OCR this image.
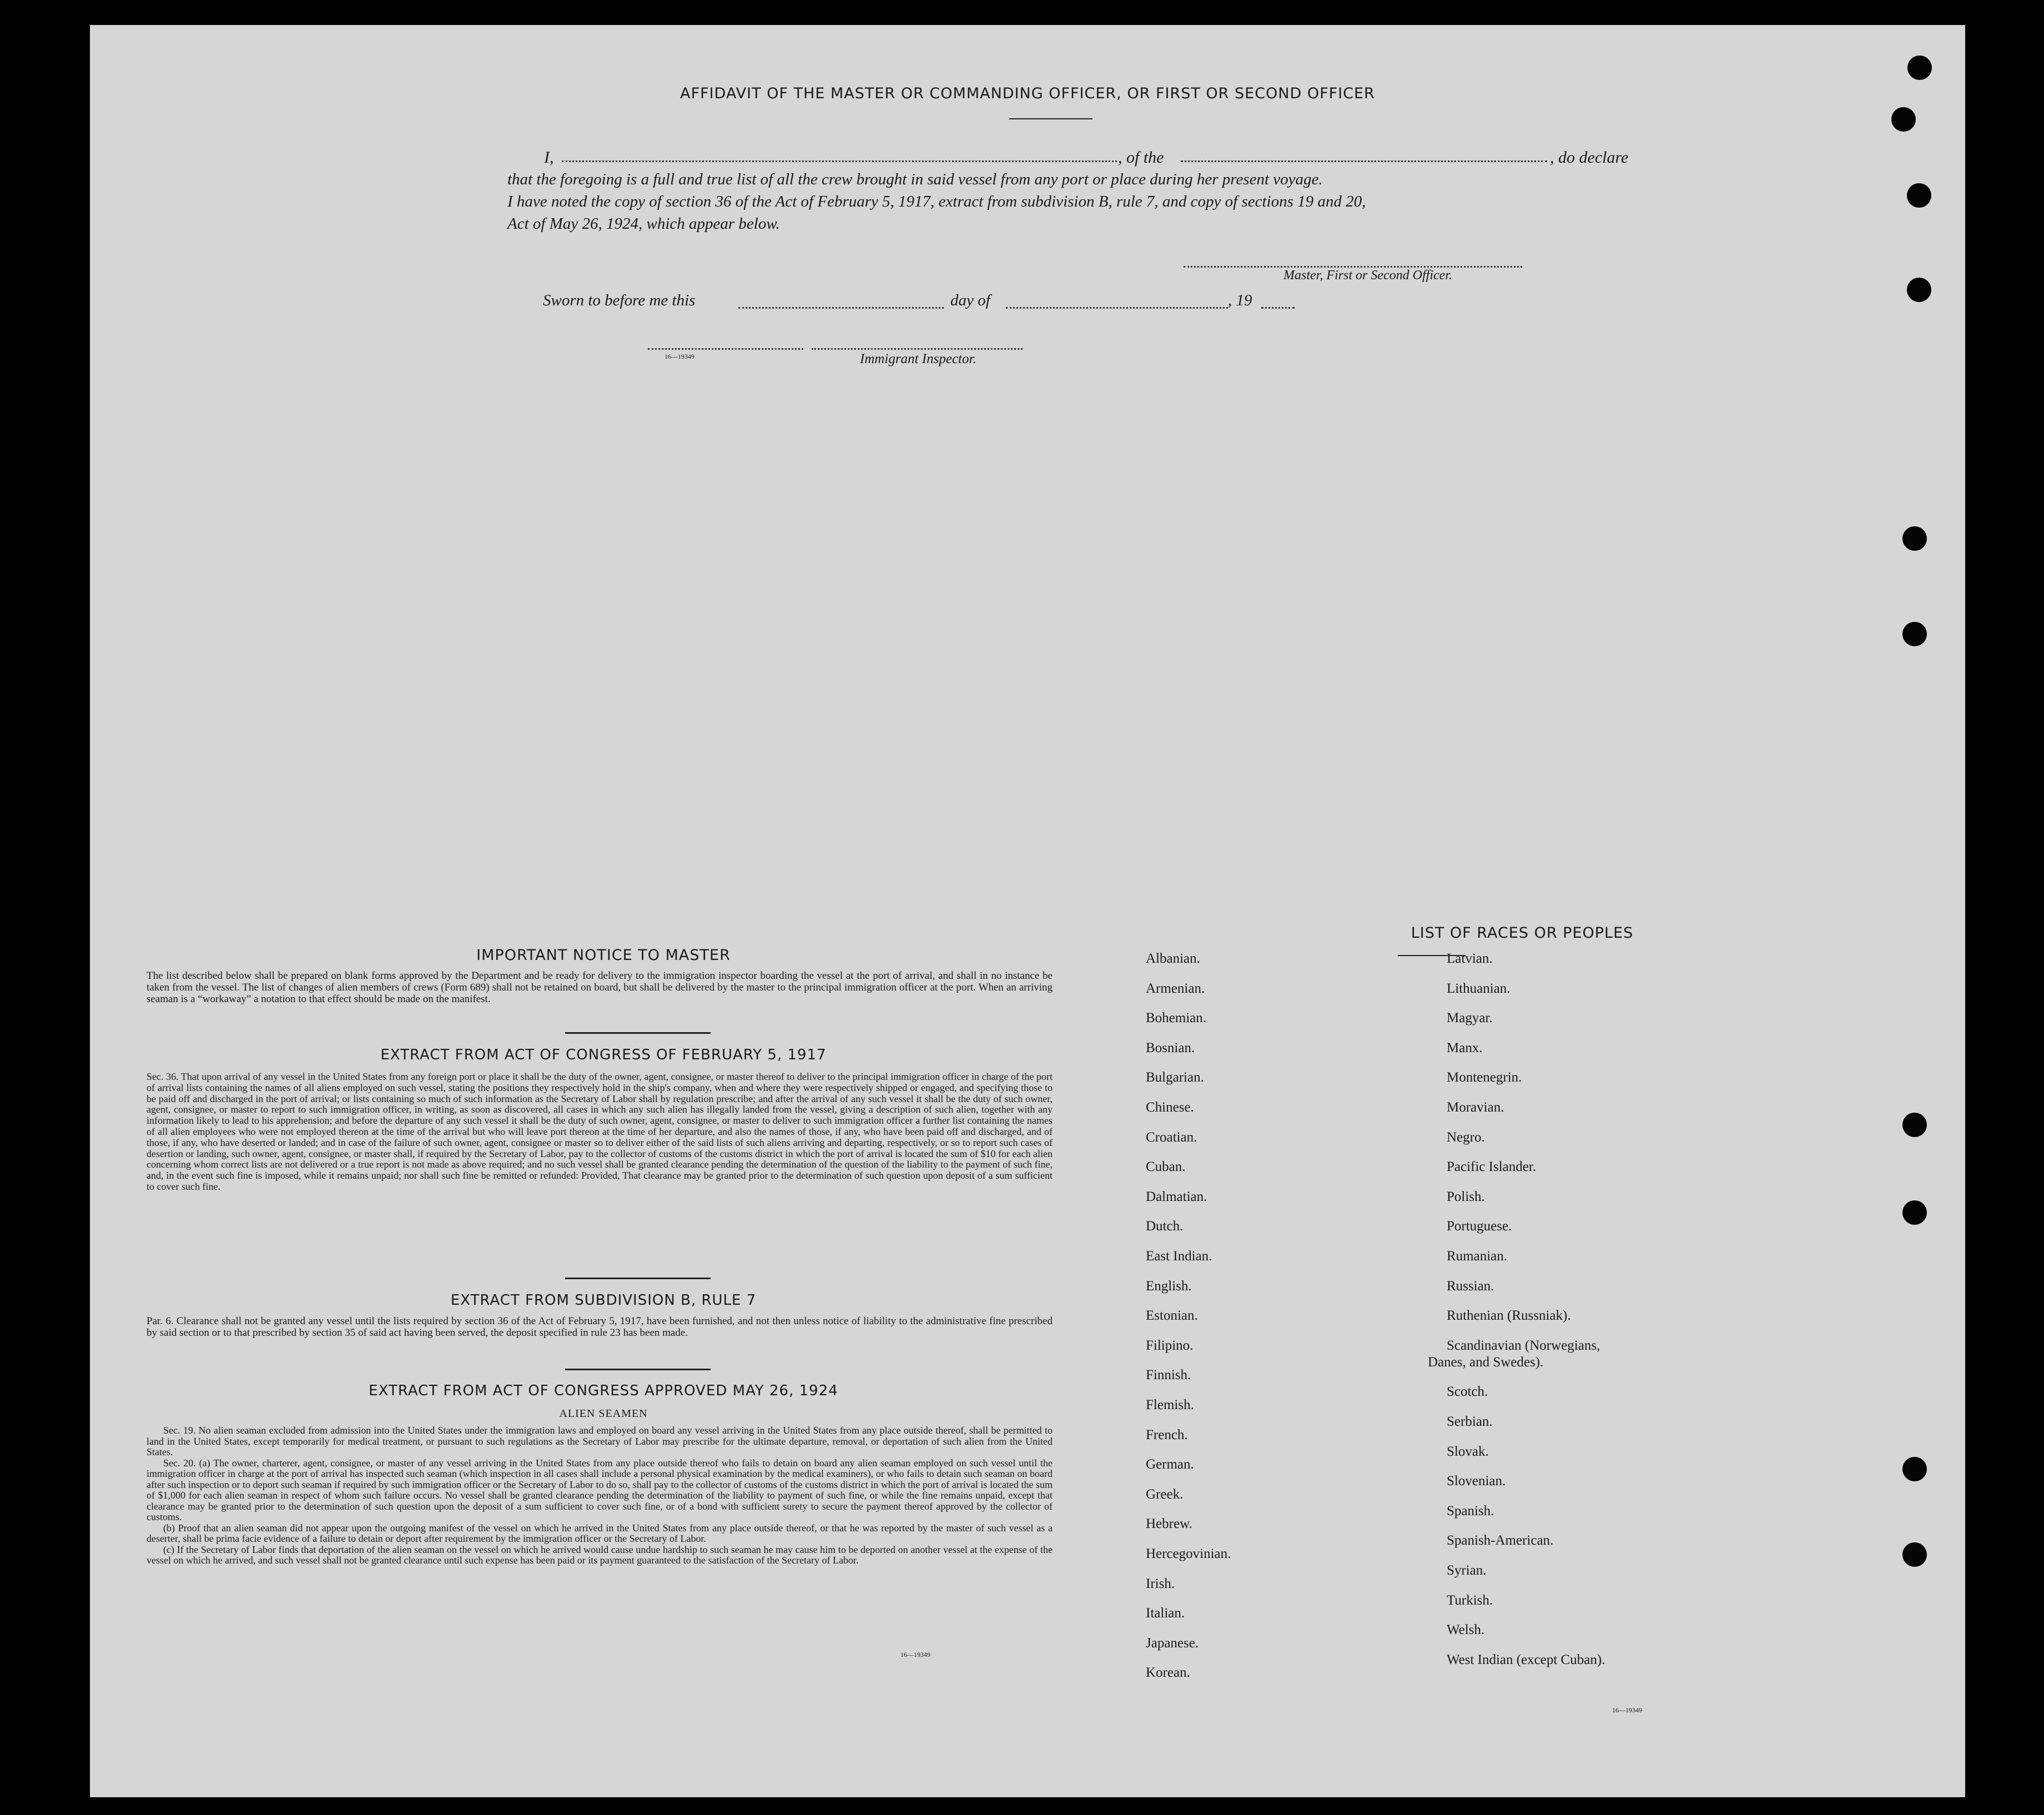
AFFIDAVIT OF THE MASTER OR COMMANDING OFFICER, OR FIRST OR SECOND OFFICER
I,	, of the	, do declare
that the foregoing is a full and true list of all the crew brought in said vessel from any port or place during her present voyage.
I have noted the copy of section 36 of the Act of February 5, 1917, extract from subdivision B, rule 7, and copy of sections 19 and 20,
Act of May 26, 1924, which appear below.
Master, First or Second Officer.
Sworn to before me this	day of	, 19
16—19349	Immigrant Inspector.
IMPORTANT NOTICE TO MASTER
The list described below shall be prepared on blank forms approved by the Department and be ready for delivery to the immigration inspector boarding the vessel at the port of arrival, and shall in no instance be taken from the vessel. The list of changes of alien members of crews (Form 689) shall not be retained on board, but shall be delivered by the master to the principal immigration officer at the port. When an arriving seaman is a “workaway” a notation to that effect should be made on the manifest.
EXTRACT FROM ACT OF CONGRESS OF FEBRUARY 5, 1917
Sec. 36. That upon arrival of any vessel in the United States from any foreign port or place it shall be the duty of the owner, agent, consignee, or master thereof to deliver to the principal immigration officer in charge of the port of arrival lists containing the names of all aliens employed on such vessel, stating the positions they respectively hold in the ship's company, when and where they were respectively shipped or engaged, and specifying those to be paid off and discharged in the port of arrival; or lists containing so much of such information as the Secretary of Labor shall by regulation prescribe; and after the arrival of any such vessel it shall be the duty of such owner, agent, consignee, or master to report to such immigration officer, in writing, as soon as discovered, all cases in which any such alien has illegally landed from the vessel, giving a description of such alien, together with any information likely to lead to his apprehension; and before the departure of any such vessel it shall be the duty of such owner, agent, consignee, or master to deliver to such immigration officer a further list containing the names of all alien employees who were not employed thereon at the time of the arrival but who will leave port thereon at the time of her departure, and also the names of those, if any, who have been paid off and discharged, and of those, if any, who have deserted or landed; and in case of the failure of such owner, agent, consignee or master so to deliver either of the said lists of such aliens arriving and departing, respectively, or so to report such cases of desertion or landing, such owner, agent, consignee, or master shall, if required by the Secretary of Labor, pay to the collector of customs of the customs district in which the port of arrival is located the sum of $10 for each alien concerning whom correct lists are not delivered or a true report is not made as above required; and no such vessel shall be granted clearance pending the determination of the question of the liability to the payment of such fine, and, in the event such fine is imposed, while it remains unpaid; nor shall such fine be remitted or refunded: Provided, That clearance may be granted prior to the determination of such question upon deposit of a sum sufficient to cover such fine.
EXTRACT FROM SUBDIVISION B, RULE 7
Par. 6. Clearance shall not be granted any vessel until the lists required by section 36 of the Act of February 5, 1917, have been furnished, and not then unless notice of liability to the administrative fine prescribed by said section or to that prescribed by section 35 of said act having been served, the deposit specified in rule 23 has been made.
EXTRACT FROM ACT OF CONGRESS APPROVED MAY 26, 1924
ALIEN SEAMEN
Sec. 19. No alien seaman excluded from admission into the United States under the immigration laws and employed on board any vessel arriving in the United States from any place outside thereof, shall be permitted to land in the United States, except temporarily for medical treatment, or pursuant to such regulations as the Secretary of Labor may prescribe for the ultimate departure, removal, or deportation of such alien from the United States.
Sec. 20. (a) The owner, charterer, agent, consignee, or master of any vessel arriving in the United States from any place outside thereof who fails to detain on board any alien seaman employed on such vessel until the immigration officer in charge at the port of arrival has inspected such seaman (which inspection in all cases shall include a personal physical examination by the medical examiners), or who fails to detain such seaman on board after such inspection or to deport such seaman if required by such immigration officer or the Secretary of Labor to do so, shall pay to the collector of customs of the customs district in which the port of arrival is located the sum of $1,000 for each alien seaman in respect of whom such failure occurs. No vessel shall be granted clearance pending the determination of the liability to payment of such fine, or while the fine remains unpaid, except that clearance may be granted prior to the determination of such question upon the deposit of a sum sufficient to cover such fine, or of a bond with sufficient surety to secure the payment thereof approved by the collector of customs.
(b) Proof that an alien seaman did not appear upon the outgoing manifest of the vessel on which he arrived in the United States from any place outside thereof, or that he was reported by the master of such vessel as a deserter, shall be prima facie evidence of a failure to detain or deport after requirement by the immigration officer or the Secretary of Labor.
(c) If the Secretary of Labor finds that deportation of the alien seaman on the vessel on which he arrived would cause undue hardship to such seaman he may cause him to be deported on another vessel at the expense of the vessel on which he arrived, and such vessel shall not be granted clearance until such expense has been paid or its payment guaranteed to the satisfaction of the Secretary of Labor.
16—19349
LIST OF RACES OR PEOPLES
16—19349
Albanian.
Armenian.
Bohemian.
Bosnian.
Bulgarian.
Chinese.
Croatian.
Cuban.
Dalmatian.
Dutch.
East Indian.
English.
Estonian.
Filipino.
Finnish.
Flemish.
French.
German.
Greek.
Hebrew.
Hercegovinian.
Irish.
Italian.
Japanese.
Korean.
Latvian.
Lithuanian.
Magyar.
Manx.
Montenegrin.
Moravian.
Negro.
Pacific Islander.
Polish.
Portuguese.
Rumanian.
Russian.
Ruthenian (Russniak).
Scandinavian (Norwegians,
Danes, and Swedes).
Scotch.
Serbian.
Slovak.
Slovenian.
Spanish.
Spanish-American.
Syrian.
Turkish.
Welsh.
West Indian (except Cuban).
